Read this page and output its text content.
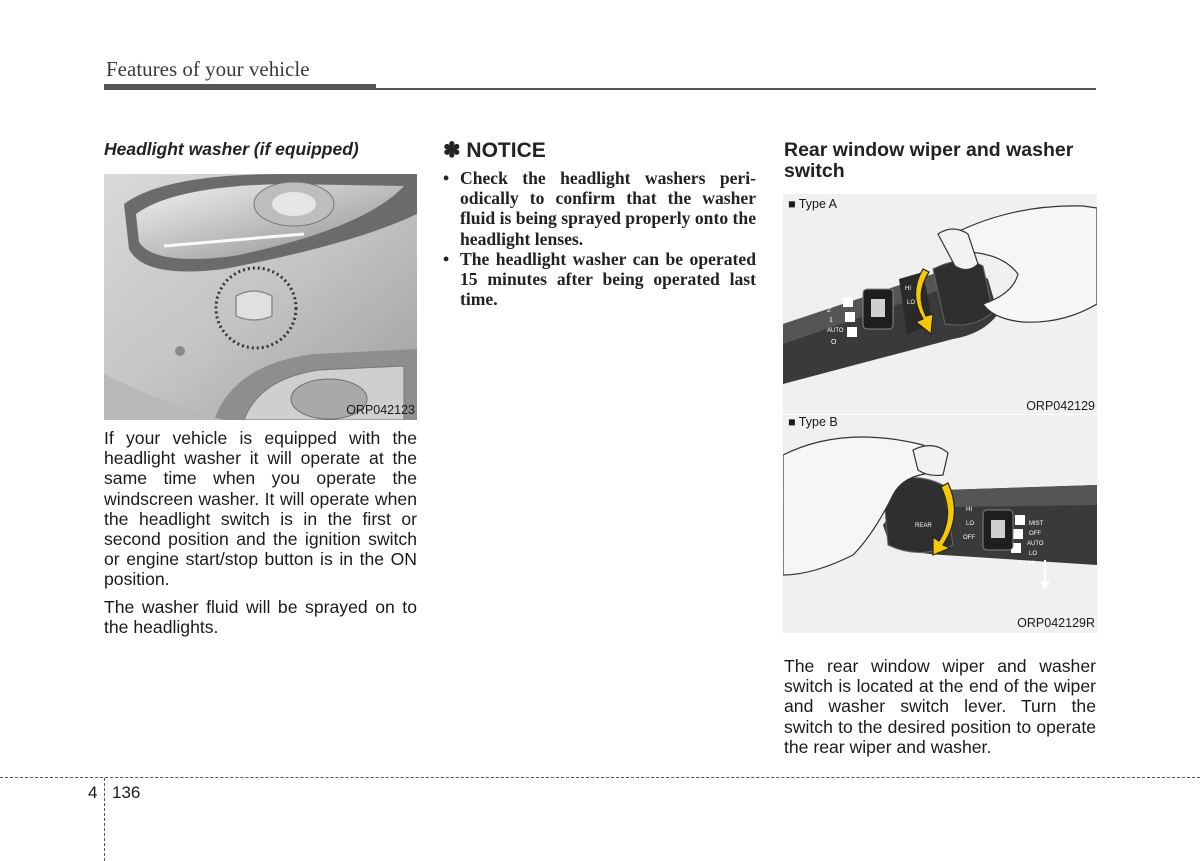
Features of your vehicle
Headlight washer (if equipped)
ORP042123

If your vehicle is equipped with the headlight washer it will operate at the same time when you operate the windscreen washer. It will operate when the headlight switch is in the first or second position and the ignition switch or engine start/stop button is in the ON position.

The washer fluid will be sprayed on to the headlights.

✽ NOTICE
• Check the headlight washers periodically to confirm that the washer fluid is being sprayed properly onto the headlight lenses.
• The headlight washer can be operated 15 minutes after being operated last time.
Rear window wiper and washer switch
■ Type A
2
1
AUTO
O
HI
LO
ORP042129
■ Type B
HI
LO
OFF
MIST
OFF
AUTO
LO
HI
REAR
ORP042129R

The rear window wiper and washer switch is located at the end of the wiper and washer switch lever. Turn the switch to the desired position to operate the rear wiper and washer.

4 136
